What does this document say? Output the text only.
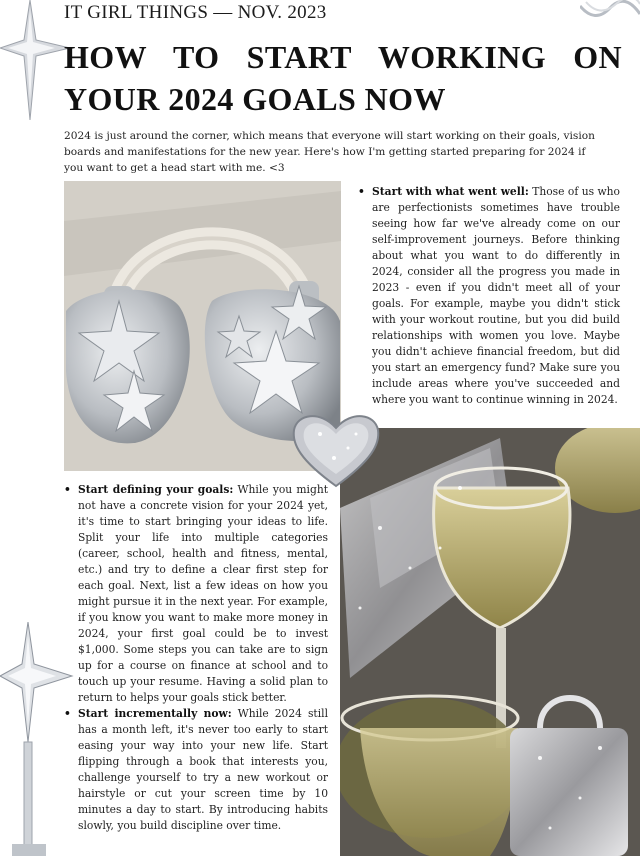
IT GIRL THINGS — NOV. 2023
HOW TO START WORKING ON YOUR 2024 GOALS NOW

2024 is just around the corner, which means that everyone will start working on their goals, vision boards and manifestations for the new year. Here's how I'm getting started preparing for 2024 if you want to get a head start with me. <3

• Start with what went well: Those of us who are perfectionists sometimes have trouble seeing how far we've already come on our self-improvement journeys. Before thinking about what you want to do differently in 2024, consider all the progress you made in 2023 - even if you didn't meet all of your goals. For example, maybe you didn't stick with your workout routine, but you did build relationships with women you love. Maybe you didn't achieve financial freedom, but did you start an emergency fund? Make sure you include areas where you've succeeded and where you want to continue winning in 2024.
• Start defining your goals: While you might not have a concrete vision for your 2024 yet, it's time to start bringing your ideas to life. Split your life into multiple categories (career, school, health and fitness, mental, etc.) and try to define a clear first step for each goal. Next, list a few ideas on how you might pursue it in the next year. For example, if you know you want to make more money in 2024, your first goal could be to invest $1,000. Some steps you can take are to sign up for a course on finance at school and to touch up your resume. Having a solid plan to return to helps your goals stick better.
• Start incrementally now: While 2024 still has a month left, it's never too early to start easing your way into your new life. Start flipping through a book that interests you, challenge yourself to try a new workout or hairstyle or cut your screen time by 10 minutes a day to start. By introducing habits slowly, you build discipline over time.
